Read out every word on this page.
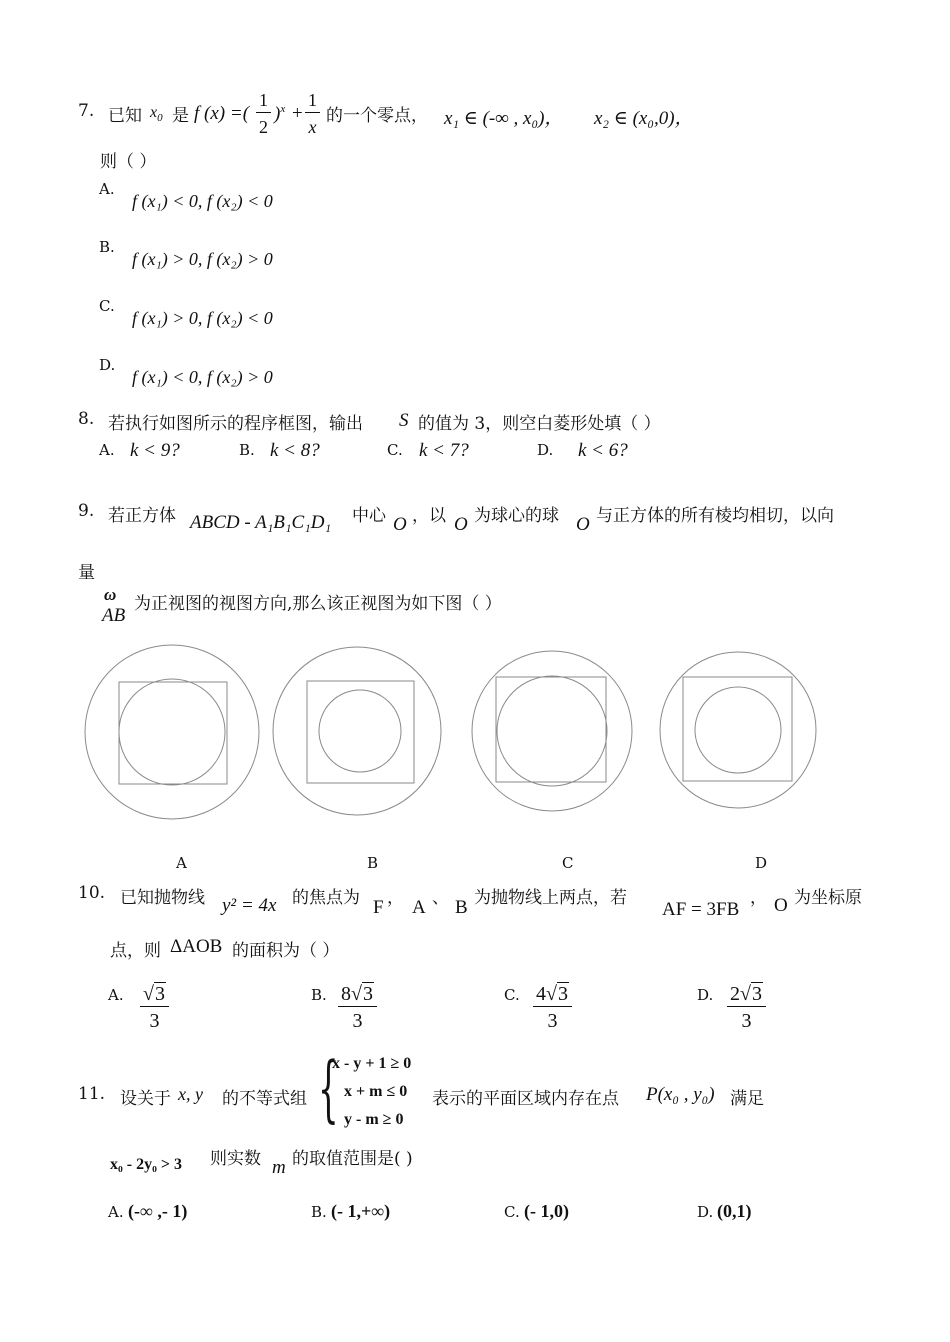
7. 已知 $x_0$ 是 f (x) =( $\frac{1}{2} )^x + \frac{1}{x}$ 的一个零点， x₁ ∈ (-∞ , x₀)， x₂ ∈ (x₀,0)，
则（ ）
A.
f (x₁) < 0, f (x₂) < 0
B.
f (x₁) > 0, f (x₂) > 0
C.
f (x₁) > 0, f (x₂) < 0
D.
f (x₁) < 0, f (x₂) > 0
8. 若执行如图所示的程序框图，输出 S 的值为 3，则空白菱形处填（ ）
A. k < 9?	B. k < 8?	C. k < 7?	D. k < 6?
9. 若正方体 ABCD - A₁B₁C₁D₁ 中心 O ，以 O 为球心的球 O 与正方体的所有棱均相切，以向
量
ω
AB
为正视图的视图方向,那么该正视图为如下图（ ）
A	B	C	D
10. 已知抛物线 y² = 4x 的焦点为 F ， A 、 B 为抛物线上两点，若
AF = 3FB
， O 为坐标原
点，则 ΔAOB 的面积为（ ）
A. $\frac{√3}{3}$	B. $\frac{8√3}{3}$	C. $\frac{4√3}{3}$	D. $\frac{2√3}{3}$
11. 设关于 x, y 的不等式组 {
x - y + 1 ≥ 0
x + m ≤ 0
y - m ≥ 0
表示的平面区域内存在点 P(x₀ , y₀) 满足
x₀ - 2y₀ > 3 则实数 m 的取值范围是( )
A. (-∞ ,- 1)	B. (- 1,+∞)	C. (- 1,0)	D. (0,1)
